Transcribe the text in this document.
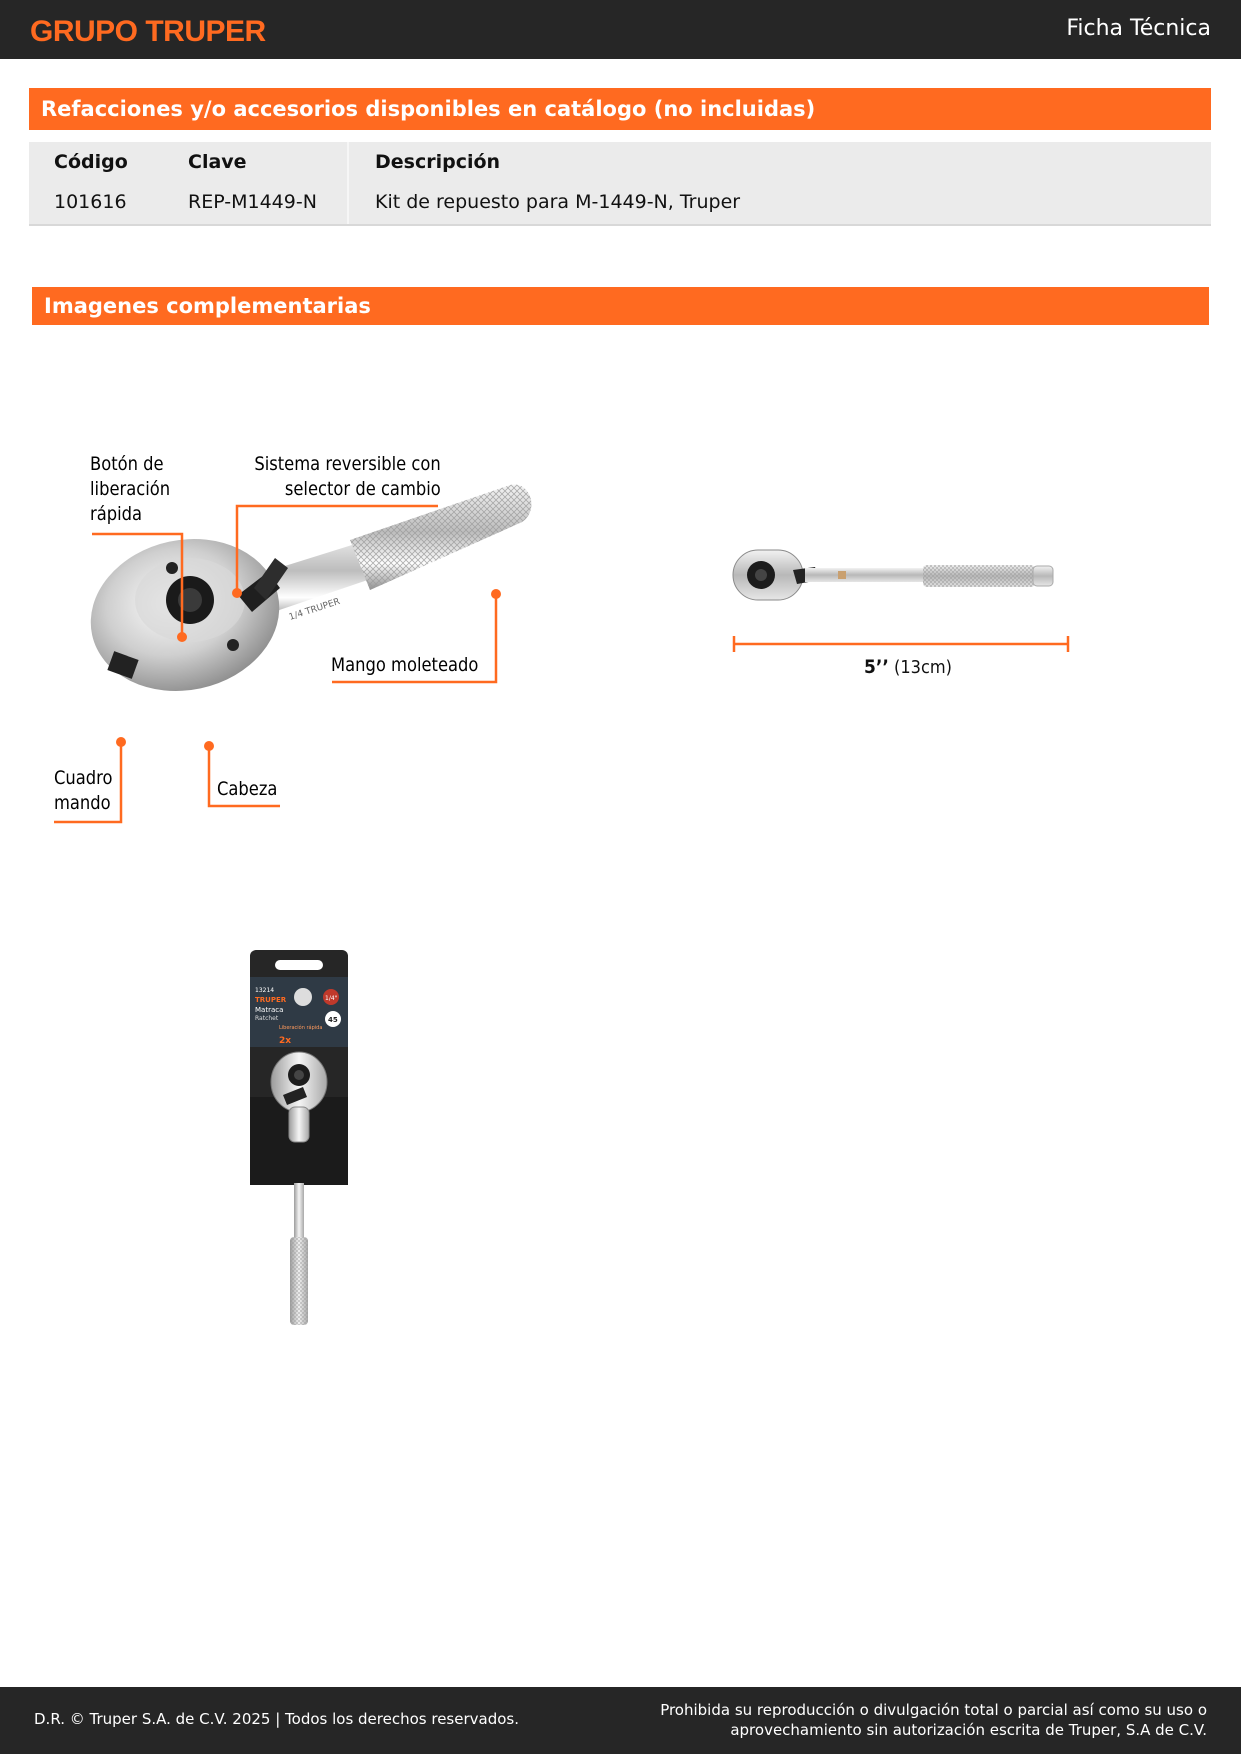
GRUPO TRUPER	Ficha Técnica
Refacciones y/o accesorios disponibles en catálogo (no incluidas)
Código	Clave	Descripción
101616	REP-M1449-N	Kit de repuesto para M-1449-N, Truper
Imagenes complementarias
1/4 TRUPER
Botón de
liberación
rápida
Sistema reversible con
selector de cambio
Mango moleteado
Cuadro
mando
Cabeza
5’’ (13cm)
13214
TRUPER
Matraca
Ratchet
1/4"
45
Liberación rápida
2x
D.R. © Truper S.A. de C.V. 2025 | Todos los derechos reservados.	Prohibida su reproducción o divulgación total o parcial así como su uso o
aprovechamiento sin autorización escrita de Truper, S.A de C.V.
